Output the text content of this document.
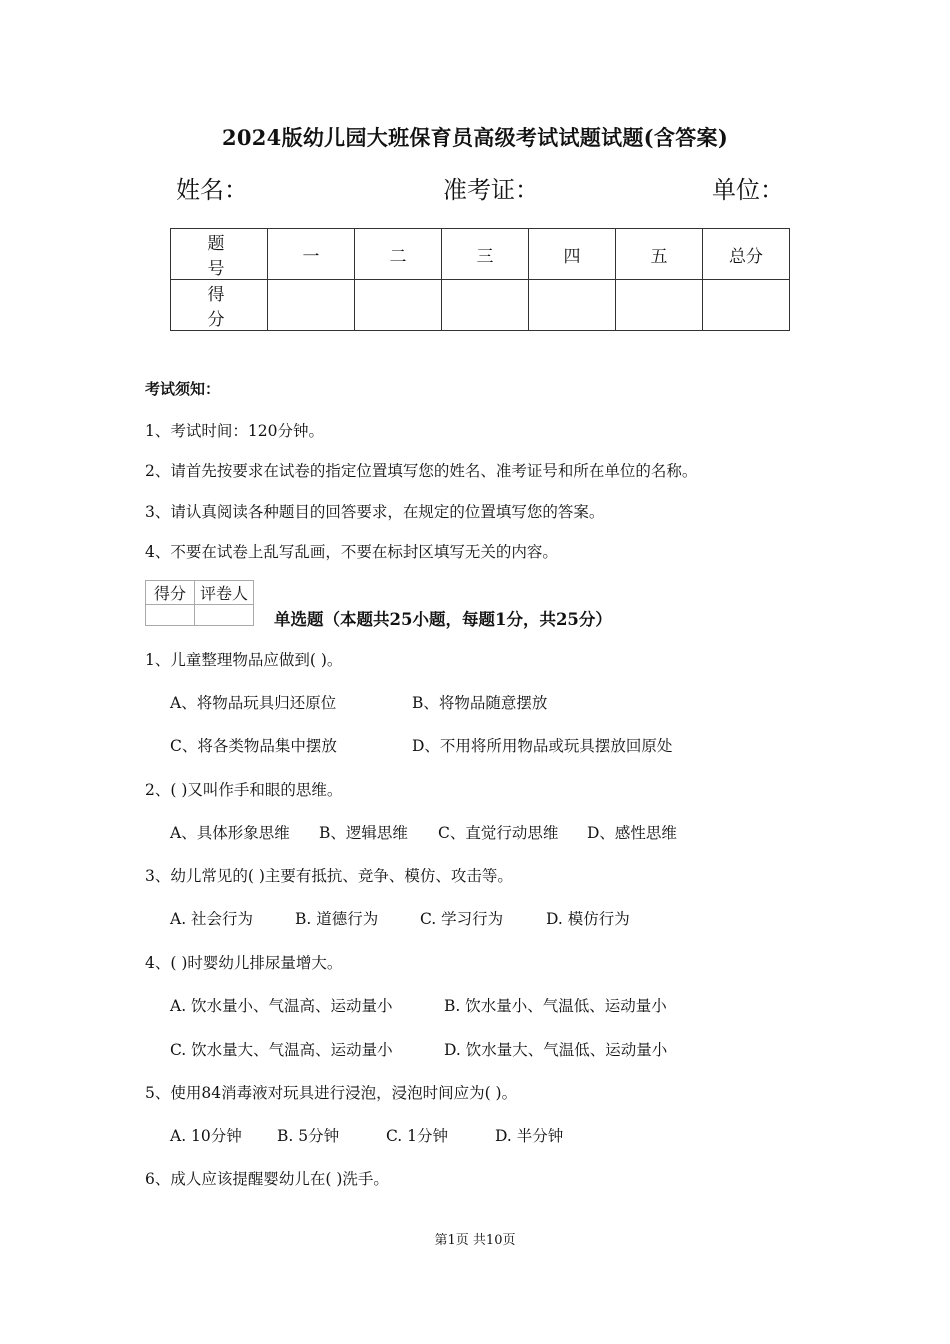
2024版幼儿园大班保育员高级考试试题试题(含答案)
姓名：	准考证：	单位：
题 号	一	二	三	四	五	总分
得 分						
考试须知：
1、考试时间：120分钟。
2、请首先按要求在试卷的指定位置填写您的姓名、准考证号和所在单位的名称。
3、请认真阅读各种题目的回答要求，在规定的位置填写您的答案。
4、不要在试卷上乱写乱画，不要在标封区填写无关的内容。
得分	评卷人

单选题（本题共25小题，每题1分，共25分）
1、儿童整理物品应做到( )。
A、将物品玩具归还原位	B、将物品随意摆放
C、将各类物品集中摆放	D、不用将所用物品或玩具摆放回原处
2、( )又叫作手和眼的思维。
A、具体形象思维 B、逻辑思维 C、直觉行动思维 D、感性思维
3、幼儿常见的( )主要有抵抗、竞争、模仿、攻击等。
A. 社会行为	B. 道德行为	C. 学习行为	D. 模仿行为
4、( )时婴幼儿排尿量增大。
A. 饮水量小、气温高、运动量小	B. 饮水量小、气温低、运动量小
C. 饮水量大、气温高、运动量小	D. 饮水量大、气温低、运动量小
5、使用84消毒液对玩具进行浸泡，浸泡时间应为( )。
A. 10分钟 B. 5分钟	C. 1分钟	D. 半分钟
6、成人应该提醒婴幼儿在( )洗手。
第1页 共10页
